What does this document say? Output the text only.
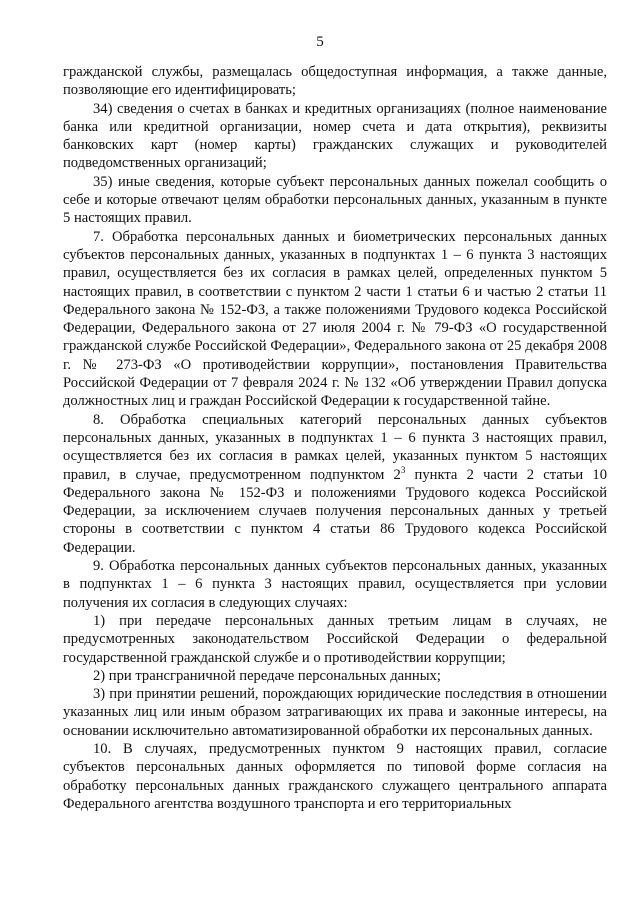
5

гражданской службы, размещалась общедоступная информация, а также данные, позволяющие его идентифицировать;

34) сведения о счетах в банках и кредитных организациях (полное наименование банка или кредитной организации, номер счета и дата открытия), реквизиты банковских карт (номер карты) гражданских служащих и руководителей подведомственных организаций;

35) иные сведения, которые субъект персональных данных пожелал сообщить о себе и которые отвечают целям обработки персональных данных, указанным в пункте 5 настоящих правил.

7. Обработка персональных данных и биометрических персональных данных субъектов персональных данных, указанных в подпунктах 1 – 6 пункта 3 настоящих правил, осуществляется без их согласия в рамках целей, определенных пунктом 5 настоящих правил, в соответствии с пунктом 2 части 1 статьи 6 и частью 2 статьи 11 Федерального закона № 152-ФЗ, а также положениями Трудового кодекса Российской Федерации, Федерального закона от 27 июля 2004 г. № 79-ФЗ «О государственной гражданской службе Российской Федерации», Федерального закона от 25 декабря 2008 г. № 273-ФЗ «О противодействии коррупции», постановления Правительства Российской Федерации от 7 февраля 2024 г. № 132 «Об утверждении Правил допуска должностных лиц и граждан Российской Федерации к государственной тайне.

8. Обработка специальных категорий персональных данных субъектов персональных данных, указанных в подпунктах 1 – 6 пункта 3 настоящих правил, осуществляется без их согласия в рамках целей, указанных пунктом 5 настоящих правил, в случае, предусмотренном подпунктом $2^3$ пункта 2 части 2 статьи 10 Федерального закона № 152-ФЗ и положениями Трудового кодекса Российской Федерации, за исключением случаев получения персональных данных у третьей стороны в соответствии с пунктом 4 статьи 86 Трудового кодекса Российской Федерации.

9. Обработка персональных данных субъектов персональных данных, указанных в подпунктах 1 – 6 пункта 3 настоящих правил, осуществляется при условии получения их согласия в следующих случаях:

1) при передаче персональных данных третьим лицам в случаях, не предусмотренных законодательством Российской Федерации о федеральной государственной гражданской службе и о противодействии коррупции;

2) при трансграничной передаче персональных данных;

3) при принятии решений, порождающих юридические последствия в отношении указанных лиц или иным образом затрагивающих их права и законные интересы, на основании исключительно автоматизированной обработки их персональных данных.

10. В случаях, предусмотренных пунктом 9 настоящих правил, согласие субъектов персональных данных оформляется по типовой форме согласия на обработку персональных данных гражданского служащего центрального аппарата Федерального агентства воздушного транспорта и его территориальных
